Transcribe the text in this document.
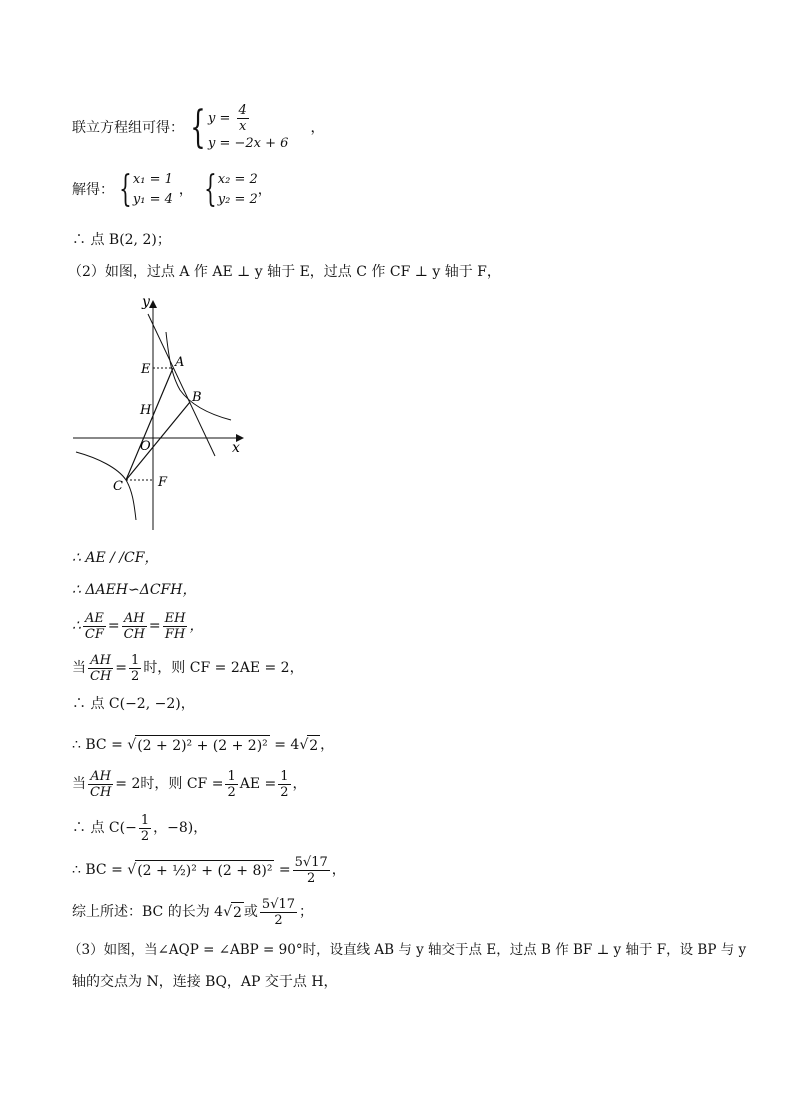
联立方程组可得： { $y = \frac{4}{x}$
y = −2x + 6
，
解得： { x₁ = 1
y₁ = 4
， { x₂ = 2
y₂ = 2
，
∴ 点 B(2, 2)；
（2）如图，过点 A 作 AE ⊥ y 轴于 E，过点 C 作 CF ⊥ y 轴于 F，
y
x
O
A
B
C
E
F
H
∴ AE / /CF，
∴ ΔAEH∽ΔCFH，
∴ $\frac{AE}{CF} = \frac{AH}{CH} = \frac{EH}{FH}$ ，
当 $\frac{AH}{CH} = \frac{1}{2}$ 时，则 CF = 2AE = 2，
∴ 点 C(−2, −2)，
∴ BC = √ (2 + 2)² + (2 + 2)²
= 4 √ 2 ，
当 $\frac{AH}{CH} = 2$时，则 CF = $\frac{1}{2}$ AE = $\frac{1}{2}$ ，
∴ 点 $C(- \frac{1}{2}$ ，−8)，
∴ BC = √ (2 + ½)² + (2 + 8)²
= $\frac{5√17}{2}$ ，
综上所述：BC 的长为 4 √ 2 或 $\frac{5√17}{2}$ ；
（3）如图，当∠AQP = ∠ABP = 90°时，设直线 AB 与 y 轴交于点 E，过点 B 作 BF ⊥ y 轴于 F，设 BP 与 y
轴的交点为 N，连接 BQ，AP 交于点 H，
